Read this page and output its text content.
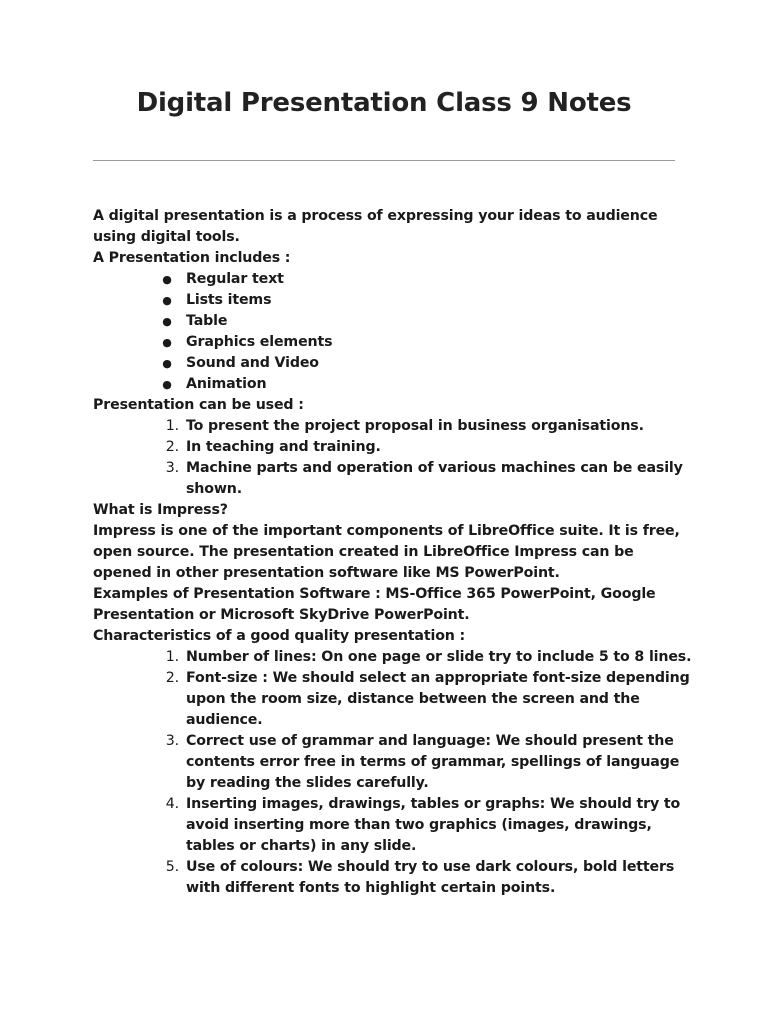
Digital Presentation Class 9 Notes

A digital presentation is a process of expressing your ideas to audience using digital tools.

A Presentation includes :

●	Regular text
●	Lists items
●	Table
●	Graphics elements
●	Sound and Video
●	Animation

Presentation can be used :

1. To present the project proposal in business organisations.
2. In teaching and training.
3. Machine parts and operation of various machines can be easily shown.

What is Impress?

Impress is one of the important components of LibreOffice suite. It is free, open source. The presentation created in LibreOffice Impress can be opened in other presentation software like MS PowerPoint.

Examples of Presentation Software : MS-Office 365 PowerPoint, Google Presentation or Microsoft SkyDrive PowerPoint.

Characteristics of a good quality presentation :

1. Number of lines: On one page or slide try to include 5 to 8 lines.
2. Font-size : We should select an appropriate font-size depending upon the room size, distance between the screen and the audience.
3. Correct use of grammar and language: We should present the contents error free in terms of grammar, spellings of language by reading the slides carefully.
4. Inserting images, drawings, tables or graphs: We should try to avoid inserting more than two graphics (images, drawings, tables or charts) in any slide.
5. Use of colours: We should try to use dark colours, bold letters with different fonts to highlight certain points.
